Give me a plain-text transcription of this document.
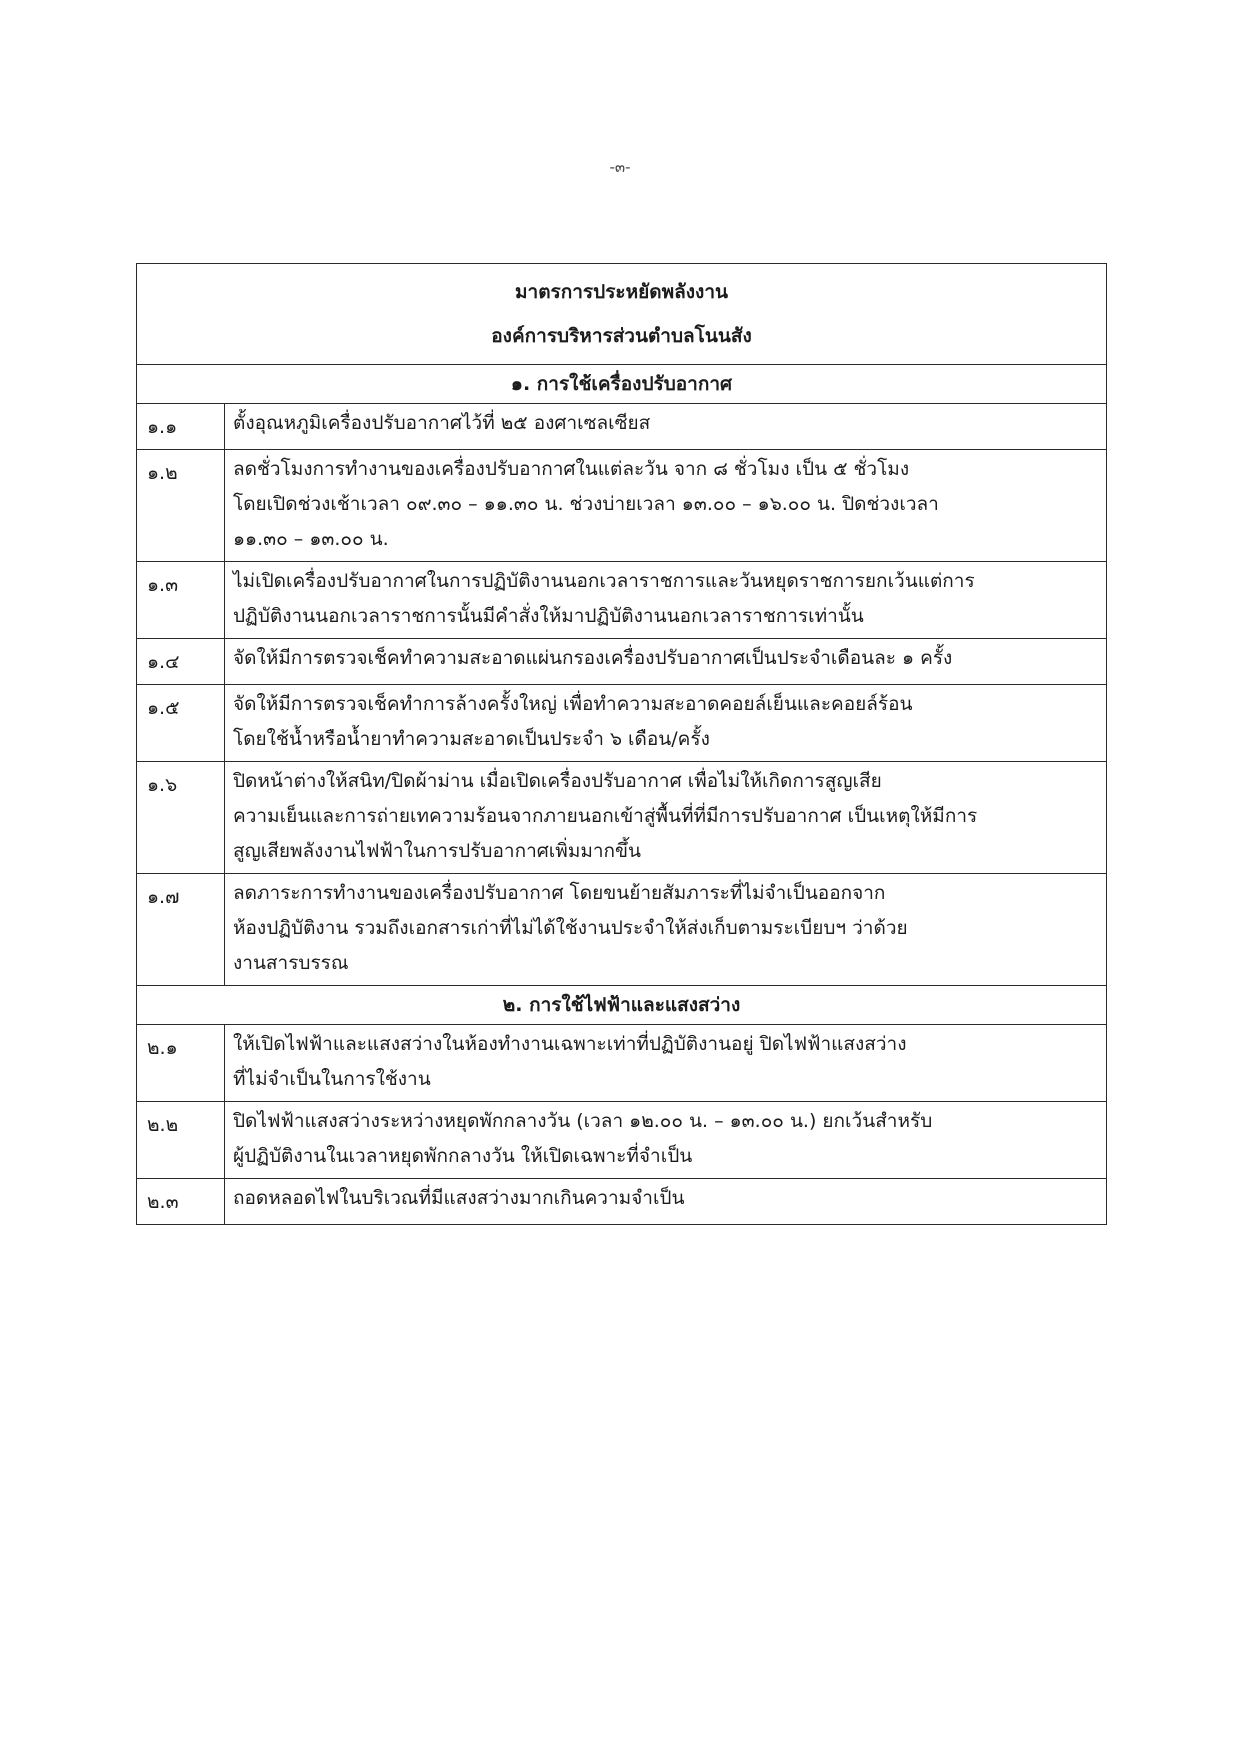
-๓-
มาตรการประหยัดพลังงาน
องค์การบริหารส่วนตำบลโนนสัง	

๑. การใช้เครื่องปรับอากาศ	
๑.๑	ตั้งอุณหภูมิเครื่องปรับอากาศไว้ที่ ๒๕ องศาเซลเซียส

๑.๒	ลดชั่วโมงการทำงานของเครื่องปรับอากาศในแต่ละวัน จาก ๘ ชั่วโมง เป็น ๕ ชั่วโมง
โดยเปิดช่วงเช้าเวลา ๐๙.๓๐ – ๑๑.๓๐ น. ช่วงบ่ายเวลา ๑๓.๐๐ – ๑๖.๐๐ น. ปิดช่วงเวลา
๑๑.๓๐ – ๑๓.๐๐ น.

๑.๓	ไม่เปิดเครื่องปรับอากาศในการปฏิบัติงานนอกเวลาราชการและวันหยุดราชการยกเว้นแต่การ
ปฏิบัติงานนอกเวลาราชการนั้นมีคำสั่งให้มาปฏิบัติงานนอกเวลาราชการเท่านั้น

๑.๔	จัดให้มีการตรวจเช็คทำความสะอาดแผ่นกรองเครื่องปรับอากาศเป็นประจำเดือนละ ๑ ครั้ง

๑.๕	จัดให้มีการตรวจเช็คทำการล้างครั้งใหญ่ เพื่อทำความสะอาดคอยล์เย็นและคอยล์ร้อน
โดยใช้น้ำหรือน้ำยาทำความสะอาดเป็นประจำ ๖ เดือน/ครั้ง

๑.๖	ปิดหน้าต่างให้สนิท/ปิดผ้าม่าน เมื่อเปิดเครื่องปรับอากาศ เพื่อไม่ให้เกิดการสูญเสีย
ความเย็นและการถ่ายเทความร้อนจากภายนอกเข้าสู่พื้นที่ที่มีการปรับอากาศ เป็นเหตุให้มีการ
สูญเสียพลังงานไฟฟ้าในการปรับอากาศเพิ่มมากขึ้น

๑.๗	ลดภาระการทำงานของเครื่องปรับอากาศ โดยขนย้ายสัมภาระที่ไม่จำเป็นออกจาก
ห้องปฏิบัติงาน รวมถึงเอกสารเก่าที่ไม่ได้ใช้งานประจำให้ส่งเก็บตามระเบียบฯ ว่าด้วย
งานสารบรรณ

๒. การใช้ไฟฟ้าและแสงสว่าง	
๒.๑	ให้เปิดไฟฟ้าและแสงสว่างในห้องทำงานเฉพาะเท่าที่ปฏิบัติงานอยู่ ปิดไฟฟ้าแสงสว่าง
ที่ไม่จำเป็นในการใช้งาน

๒.๒	ปิดไฟฟ้าแสงสว่างระหว่างหยุดพักกลางวัน (เวลา ๑๒.๐๐ น. – ๑๓.๐๐ น.) ยกเว้นสำหรับ
ผู้ปฏิบัติงานในเวลาหยุดพักกลางวัน ให้เปิดเฉพาะที่จำเป็น

๒.๓	ถอดหลอดไฟในบริเวณที่มีแสงสว่างมากเกินความจำเป็น
